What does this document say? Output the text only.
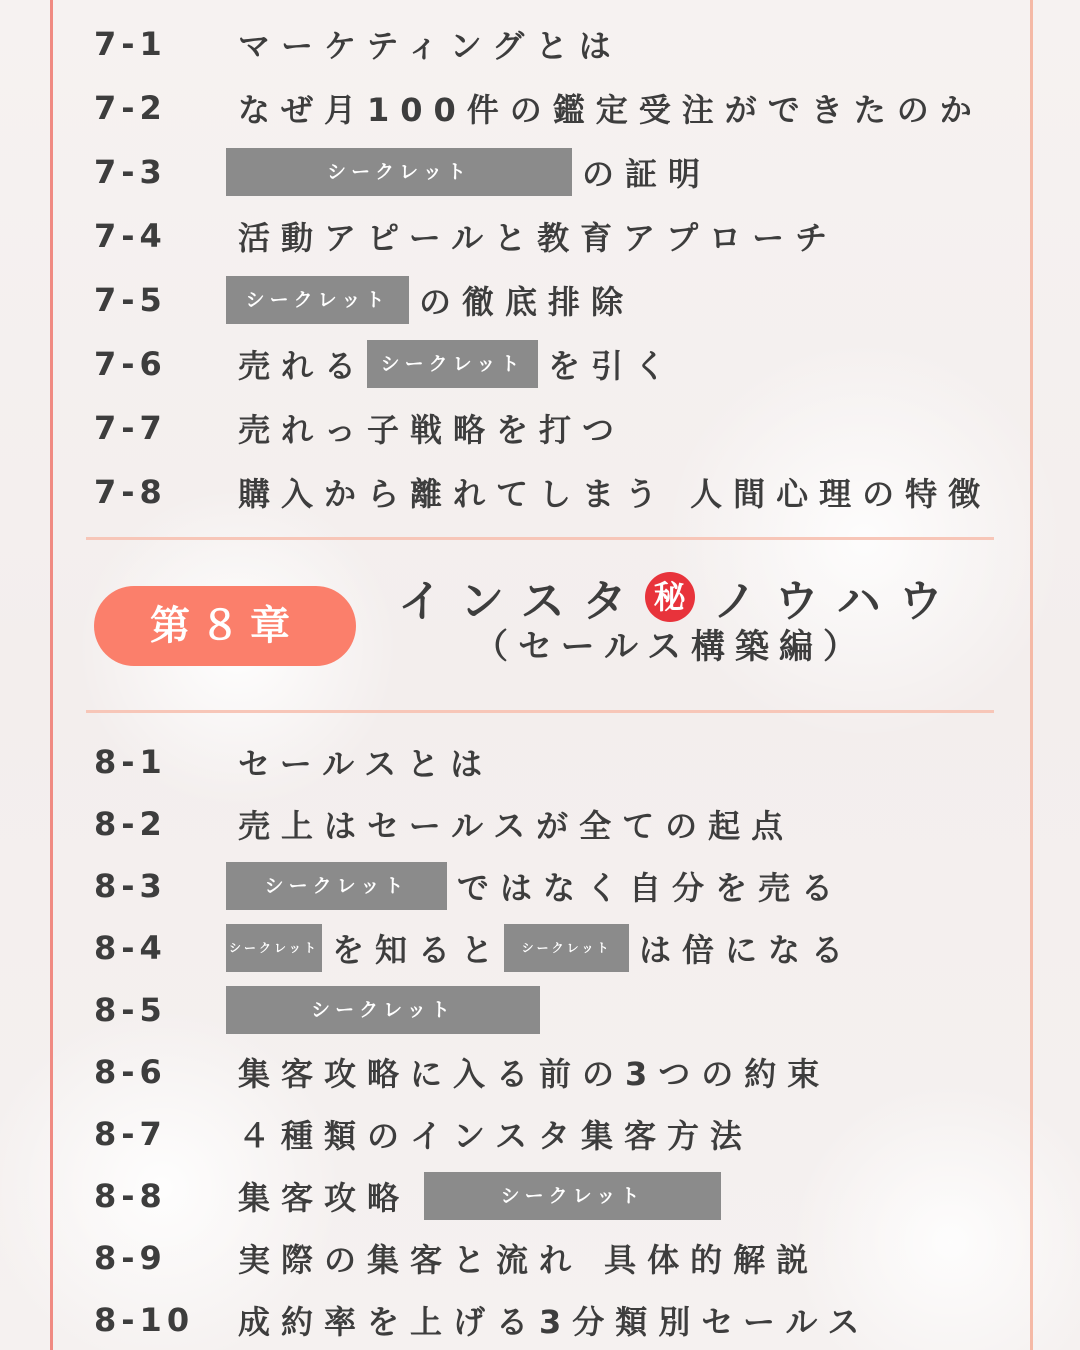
7-1	マーケティングとは
7-2	なぜ月100件の鑑定受注ができたのか
7-3	シークレット	の証明
7-4	活動アピールと教育アプローチ
7-5	シークレット の徹底排除
7-6	売れる シークレット を引く
7-7	売れっ子戦略を打つ
7-8	購入から離れてしまう 人間心理の特徴
第８章	インスタ 秘 ノウハウ
（セールス構築編）
8-1	セールスとは
8-2	売上はセールスが全ての起点
8-3	シークレット	ではなく自分を売る
8-4	シークレット を知ると	シークレット は倍になる
8-5	シークレット
8-6	集客攻略に入る前の3つの約束
8-7	４種類のインスタ集客方法
8-8	集客攻略	シークレット
8-9	実際の集客と流れ 具体的解説
8-10	成約率を上げる3分類別セールス
